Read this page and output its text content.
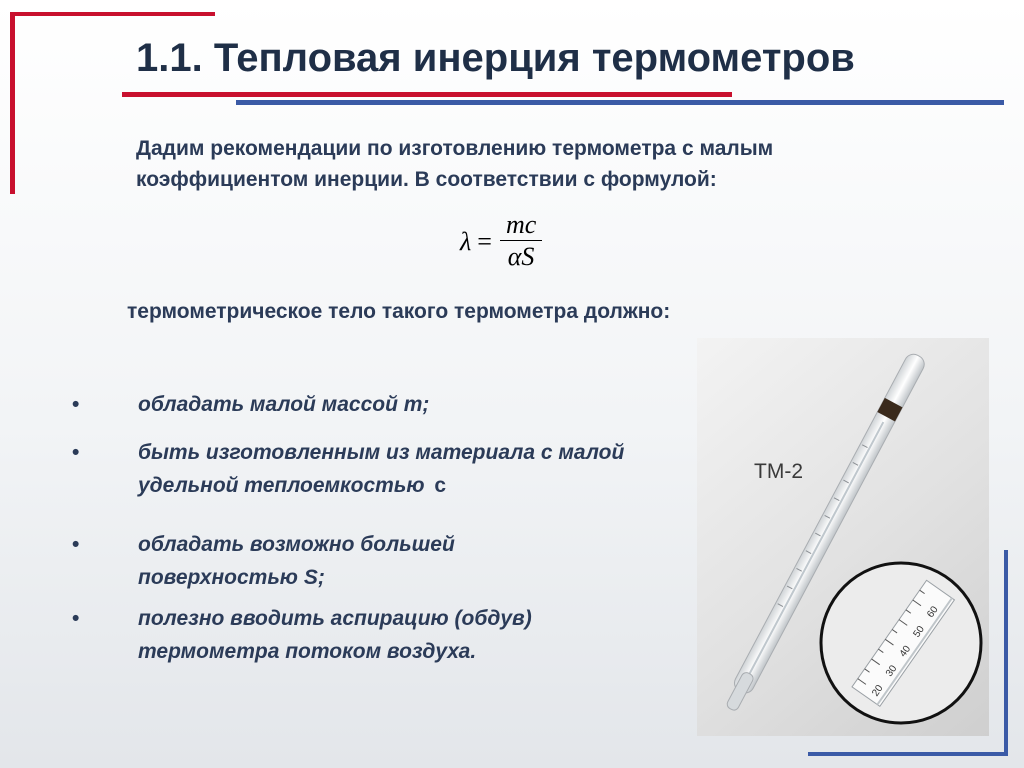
1.1. Тепловая инерция термометров
Дадим рекомендации по изготовлению термометра с малым
коэффициентом инерции. В соответствии с формулой:
$\lambda = \frac{mc}{\alpha S}$
термометрическое тело такого термометра должно:
•	обладать малой массой m;
•	быть изготовленным из материала с малой удельной теплоемкостью с
•	обладать возможно большей поверхностью S;
•	полезно вводить аспирацию (обдув) термометра потоком воздуха.
ТМ-2
20
30
40
50
60
